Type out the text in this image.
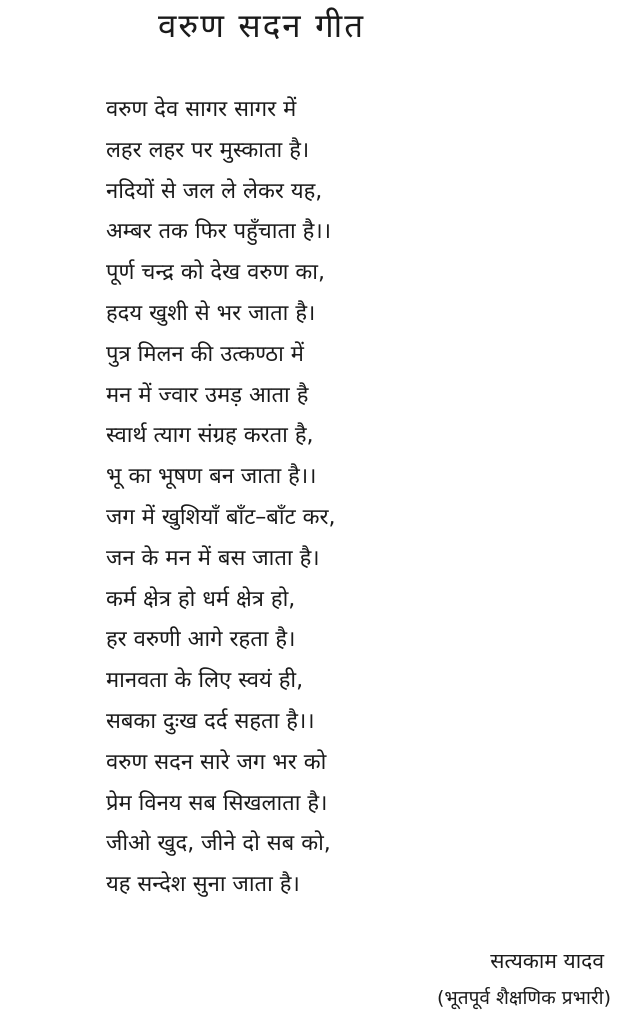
वरुण सदन गीत
वरुण देव सागर सागर में
लहर लहर पर मुस्काता है।
नदियों से जल ले लेकर यह,
अम्बर तक फिर पहुँचाता है।।
पूर्ण चन्द्र को देख वरुण का,
हदय खुशी से भर जाता है।
पुत्र मिलन की उत्कण्ठा में
मन में ज्वार उमड़ आता है
स्वार्थ त्याग संग्रह करता है,
भू का भूषण बन जाता है।।
जग में खुशियाँ बाँट–बाँट कर,
जन के मन में बस जाता है।
कर्म क्षेत्र हो धर्म क्षेत्र हो,
हर वरुणी आगे रहता है।
मानवता के लिए स्वयं ही,
सबका दुःख दर्द सहता है।।
वरुण सदन सारे जग भर को
प्रेम विनय सब सिखलाता है।
जीओ खुद, जीने दो सब को,
यह सन्देश सुना जाता है।
सत्यकाम यादव
(भूतपूर्व शैक्षणिक प्रभारी)
